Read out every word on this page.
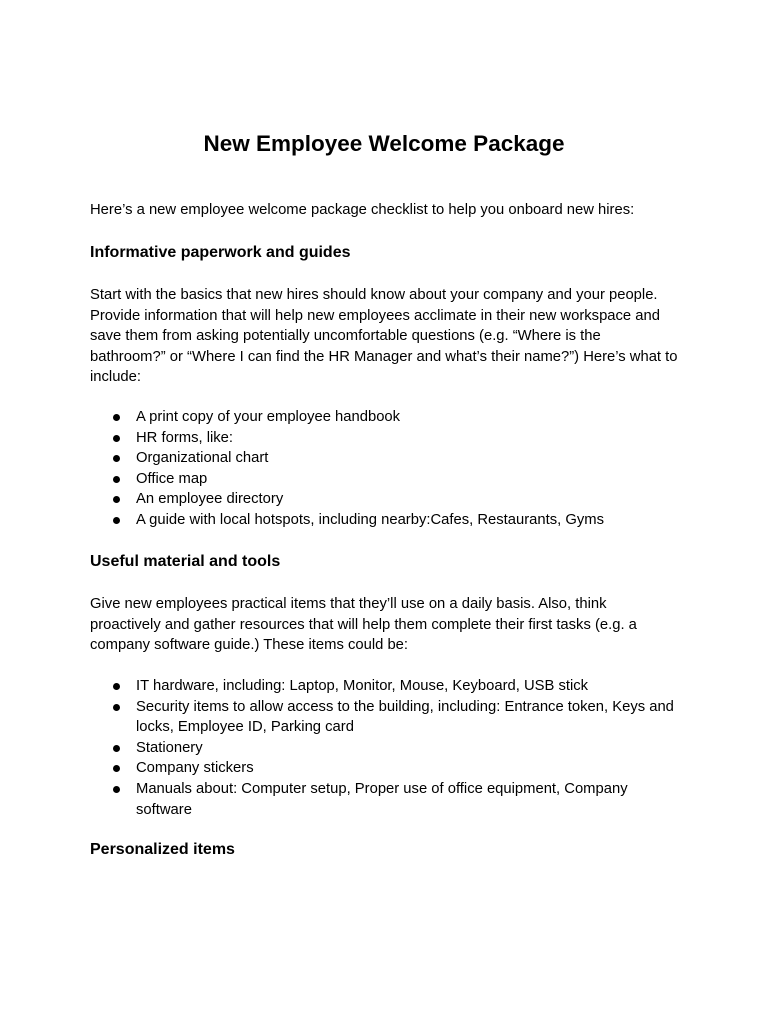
New Employee Welcome Package

Here’s a new employee welcome package checklist to help you onboard new hires:

Informative paperwork and guides

Start with the basics that new hires should know about your company and your people. Provide information that will help new employees acclimate in their new workspace and save them from asking potentially uncomfortable questions (e.g. “Where is the bathroom?” or “Where I can find the HR Manager and what’s their name?”) Here’s what to include:

A print copy of your employee handbook
HR forms, like:
Organizational chart
Office map
An employee directory
A guide with local hotspots, including nearby:Cafes, Restaurants, Gyms
Useful material and tools

Give new employees practical items that they’ll use on a daily basis. Also, think proactively and gather resources that will help them complete their first tasks (e.g. a company software guide.) These items could be:

IT hardware, including: Laptop, Monitor, Mouse, Keyboard, USB stick
Security items to allow access to the building, including: Entrance token, Keys and locks, Employee ID, Parking card
Stationery
Company stickers
Manuals about: Computer setup, Proper use of office equipment, Company software
Personalized items
